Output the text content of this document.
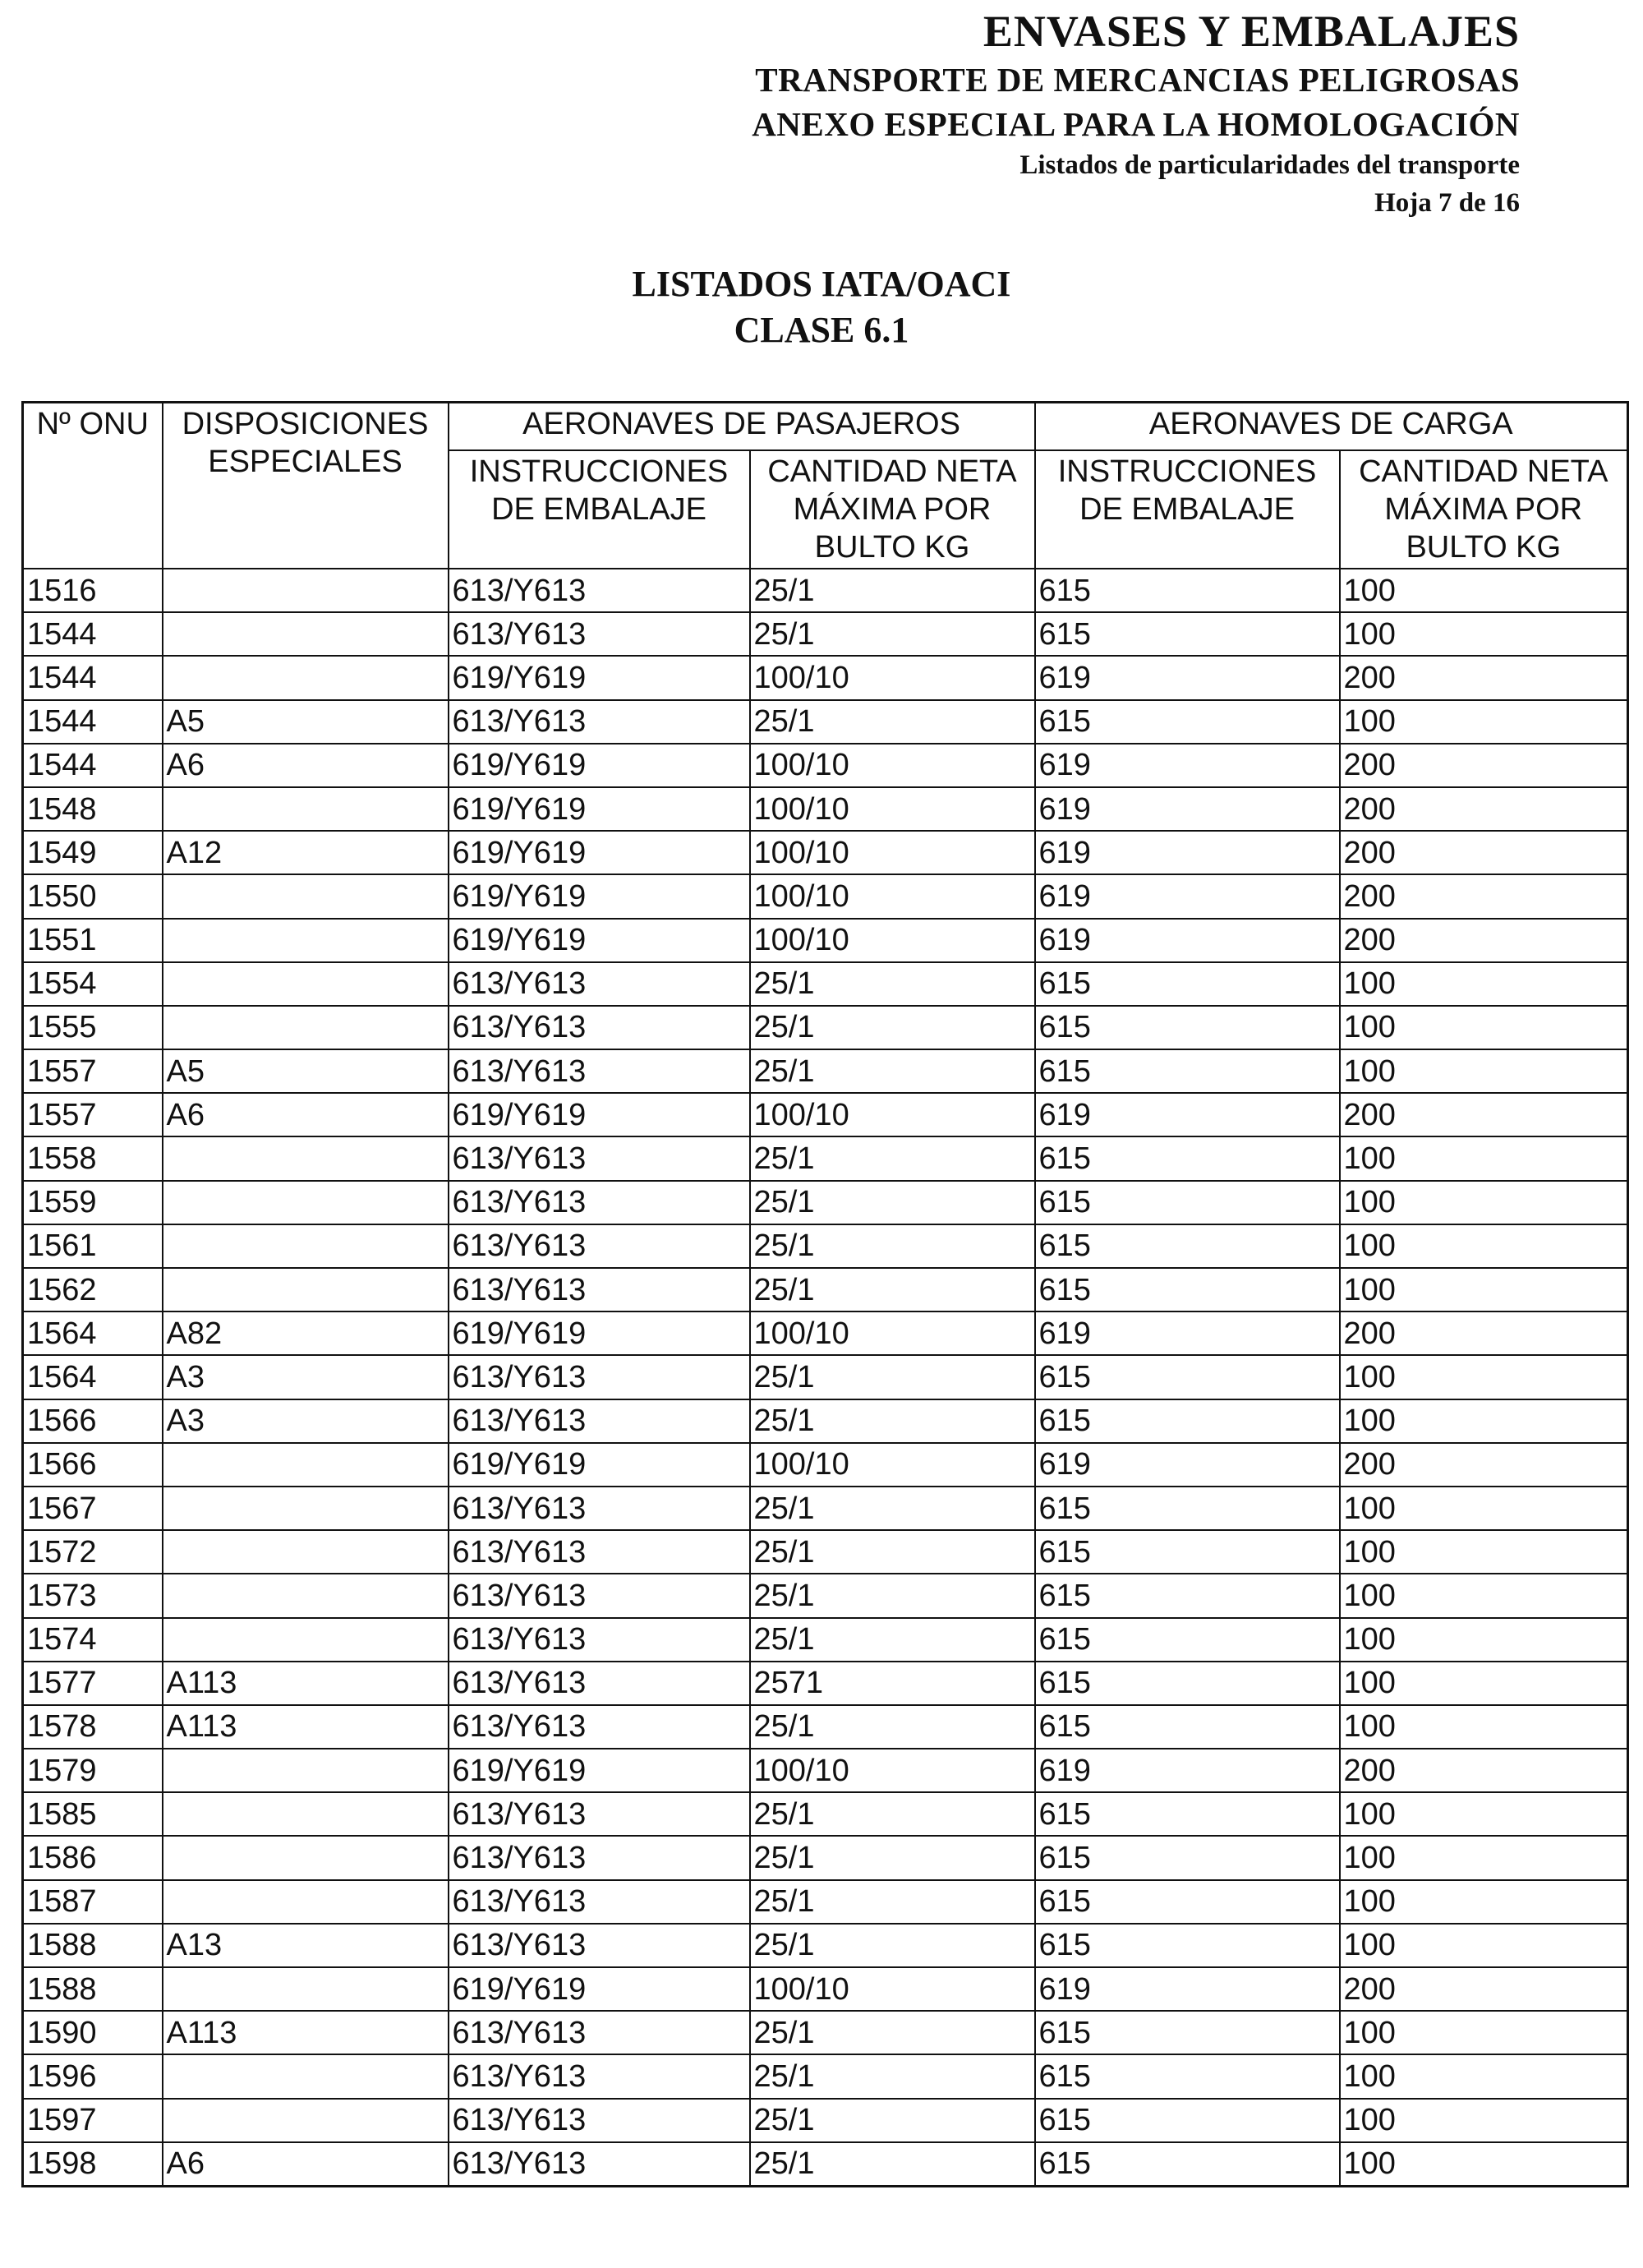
ENVASES Y EMBALAJES
TRANSPORTE DE MERCANCIAS PELIGROSAS
ANEXO ESPECIAL PARA LA HOMOLOGACIÓN
Listados de particularidades del transporte
Hoja 7 de 16
LISTADOS IATA/OACI
CLASE 6.1
Nº ONU	DISPOSICIONES ESPECIALES	AERONAVES DE PASAJEROS		AERONAVES DE CARGA	
		INSTRUCCIONES DE EMBALAJE	CANTIDAD NETA MÁXIMA POR BULTO KG	INSTRUCCIONES DE EMBALAJE	CANTIDAD NETA MÁXIMA POR BULTO KG
1516		613/Y613	25/1	615	100
1544		613/Y613	25/1	615	100
1544		619/Y619	100/10	619	200
1544	A5	613/Y613	25/1	615	100
1544	A6	619/Y619	100/10	619	200
1548		619/Y619	100/10	619	200
1549	A12	619/Y619	100/10	619	200
1550		619/Y619	100/10	619	200
1551		619/Y619	100/10	619	200
1554		613/Y613	25/1	615	100
1555		613/Y613	25/1	615	100
1557	A5	613/Y613	25/1	615	100
1557	A6	619/Y619	100/10	619	200
1558		613/Y613	25/1	615	100
1559		613/Y613	25/1	615	100
1561		613/Y613	25/1	615	100
1562		613/Y613	25/1	615	100
1564	A82	619/Y619	100/10	619	200
1564	A3	613/Y613	25/1	615	100
1566	A3	613/Y613	25/1	615	100
1566		619/Y619	100/10	619	200
1567		613/Y613	25/1	615	100
1572		613/Y613	25/1	615	100
1573		613/Y613	25/1	615	100
1574		613/Y613	25/1	615	100
1577	A113	613/Y613	2571	615	100
1578	A113	613/Y613	25/1	615	100
1579		619/Y619	100/10	619	200
1585		613/Y613	25/1	615	100
1586		613/Y613	25/1	615	100
1587		613/Y613	25/1	615	100
1588	A13	613/Y613	25/1	615	100
1588		619/Y619	100/10	619	200
1590	A113	613/Y613	25/1	615	100
1596		613/Y613	25/1	615	100
1597		613/Y613	25/1	615	100
1598	A6	613/Y613	25/1	615	100
